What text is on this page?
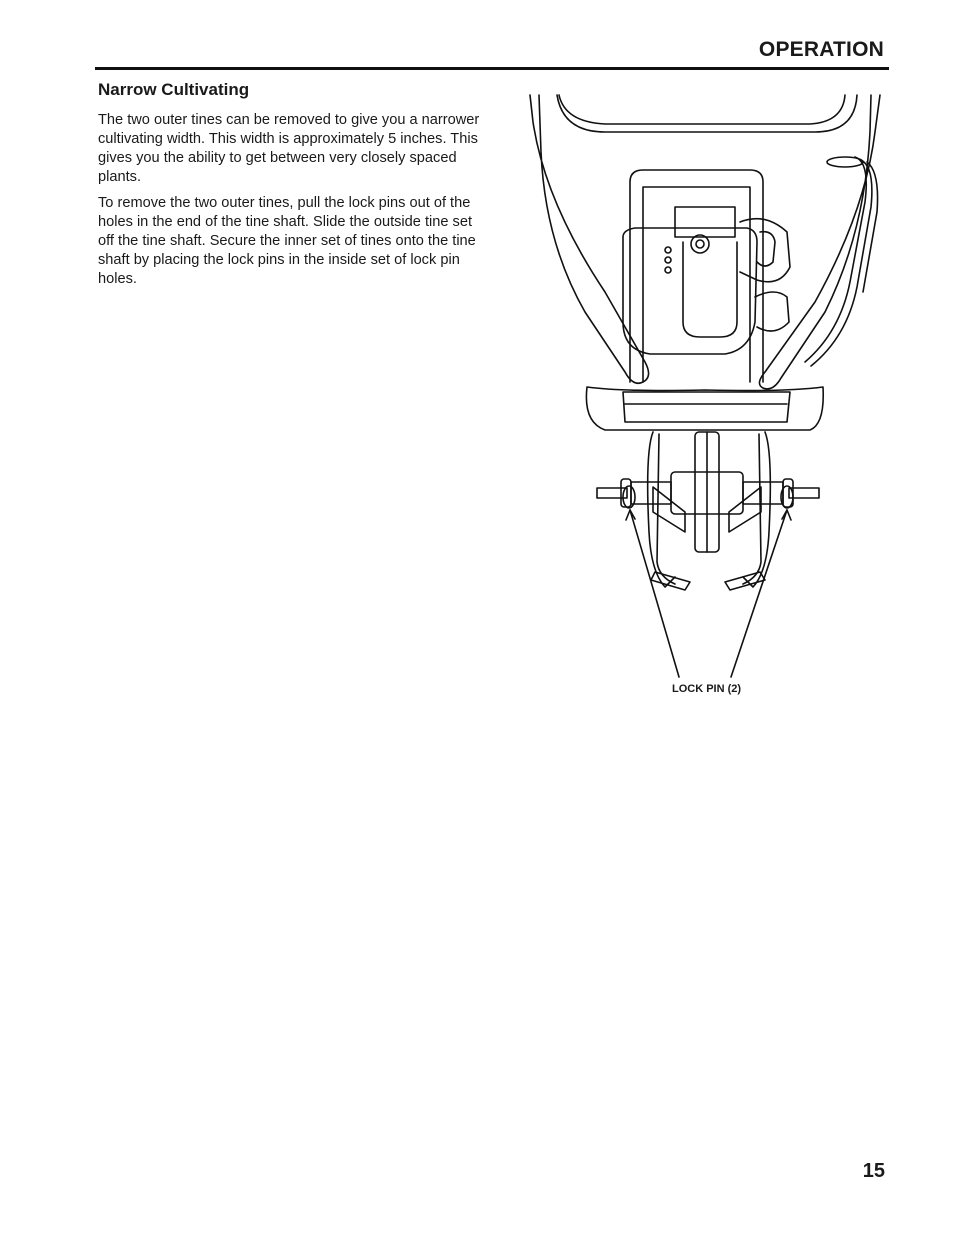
OPERATION
Narrow Cultivating
The two outer tines can be removed to give you a narrower cultivating width. This width is approximately 5 inches. This gives you the ability to get between very closely spaced plants.
To remove the two outer tines, pull the lock pins out of the holes in the end of the tine shaft. Slide the outside tine set off the tine shaft. Secure the inner set of tines onto the tine shaft by placing the lock pins in the inside set of lock pin holes.
LOCK PIN (2)
15
